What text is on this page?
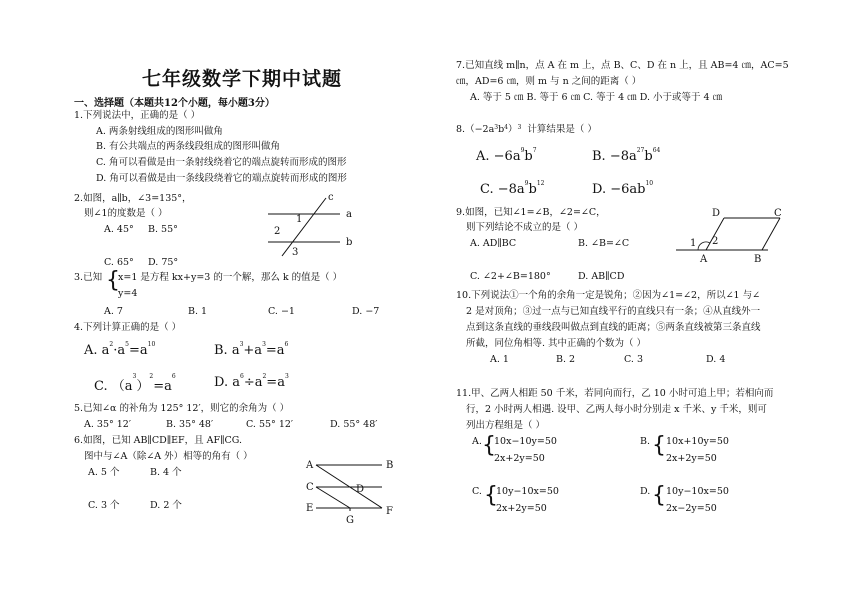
七年级数学下期中试题
一、选择题（本题共12个小题，每小题3分）
1.下列说法中，正确的是（ ）
A. 两条射线组成的图形叫做角
B. 有公共端点的两条线段组成的图形叫做角
C. 角可以看做是由一条射线绕着它的端点旋转而形成的图形
D. 角可以看做是由一条线段绕着它的端点旋转而形成的图形
2.如图，a∥b，∠3=135°，
则∠1的度数是（ ）
A. 45° B. 55°
C. 65° D. 75°
c
a
b
1
2
3
3.已知 {
x=1 是方程 kx+y=3 的一个解，那么 k 的值是（ ）
y=4
A. 7	B. 1	C. −1	D. −7
4.下列计算正确的是（ ）
A. $a^2\cdot a^5=a^{10}$	B. $a^3+a^3=a^6$
C. $(a^3)^2=a^6$	D. $a^6\div a^2=a^3$
5.已知∠α 的补角为 125° 12′，则它的余角为（ ）
A. 35° 12′	B. 35° 48′	C. 55° 12′	D. 55° 48′
6.如图，已知 AB∥CD∥EF，且 AF∥CG.
图中与∠A（除∠A 外）相等的角有（ ）
A. 5 个	B. 4 个
C. 3 个	D. 2 个
A	B
C	D
E	F
G
7.已知直线 m∥n，点 A 在 m 上，点 B、C、D 在 n 上，且 AB=4 ㎝，AC=5
㎝，AD=6 ㎝，则 m 与 n 之间的距离（ ）
A. 等于 5 ㎝ B. 等于 6 ㎝ C. 等于 4 ㎝ D. 小于或等于 4 ㎝
$8.(-2a^3b^4)^3$ 计算结果是（ ）
A. $-6a^9b^7$	B. $-8a^{27}b^{64}$
C. $-8a^9b^{12}$	D. $-6ab^{10}$
9.如图，已知∠1=∠B，∠2=∠C，
则下列结论不成立的是（ ）
A. AD∥BC	B. ∠B=∠C
C. ∠2+∠B=180°	D. AB∥CD
D	C
A	B
1 2
10.下列说法①一个角的余角一定是锐角；②因为∠1=∠2，所以∠1 与∠
2 是对顶角；③过一点与已知直线平行的直线只有一条；④从直线外一
点到这条直线的垂线段叫做点到直线的距离；⑤两条直线被第三条直线
所截，同位角相等. 其中正确的个数为（ ）
A. 1	B. 2	C. 3	D. 4
11.甲、乙两人相距 50 千米，若同向而行，乙 10 小时可追上甲；若相向而
行，2 小时两人相遇. 设甲、乙两人每小时分别走 x 千米、y 千米，则可
列出方程组是（ ）
A. {
10x−10y=50
2x+2y=50
B. { 10x+10y=50
2x+2y=50
C. {
10y−10x=50
2x+2y=50
D. { 10y−10x=50
2x−2y=50
